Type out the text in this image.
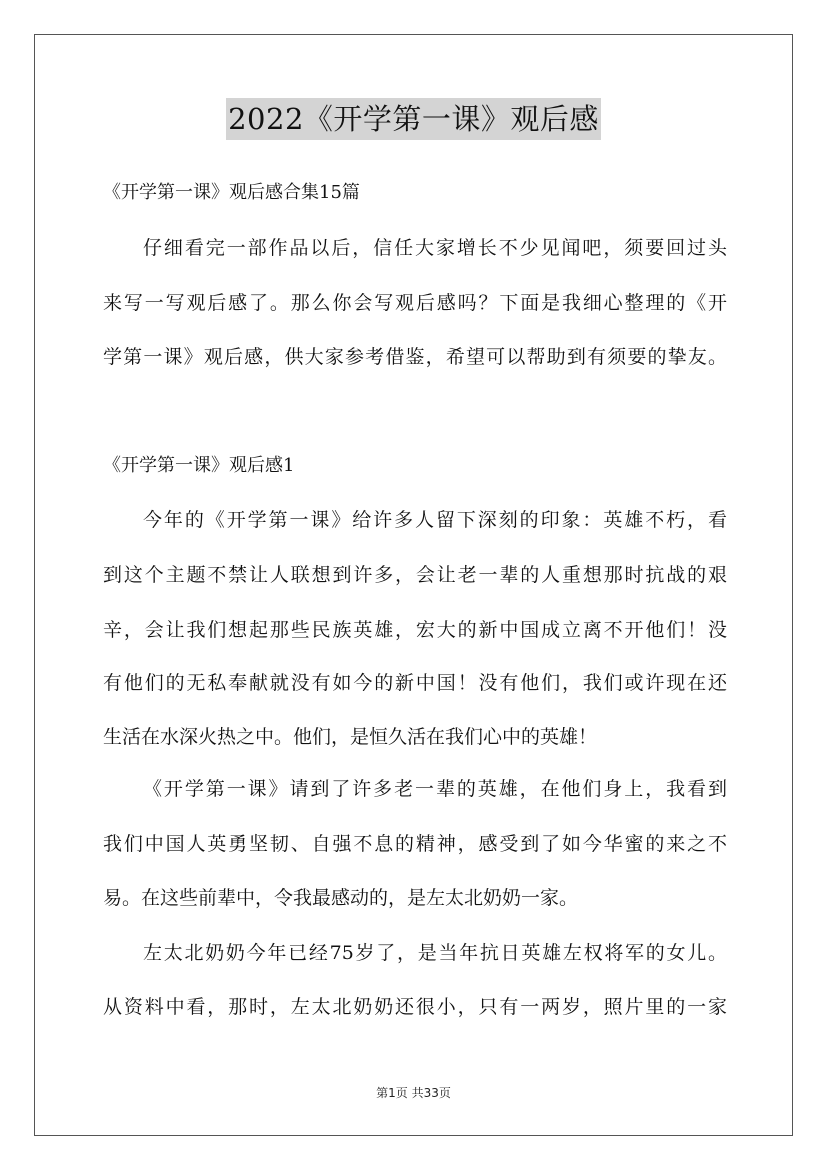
2022《开学第一课》观后感
《开学第一课》观后感合集15篇
仔细看完一部作品以后，信任大家增长不少见闻吧，须要回过头
来写一写观后感了。那么你会写观后感吗？下面是我细心整理的《开
学第一课》观后感，供大家参考借鉴，希望可以帮助到有须要的挚友。
《开学第一课》观后感1
今年的《开学第一课》给许多人留下深刻的印象：英雄不朽，看
到这个主题不禁让人联想到许多，会让老一辈的人重想那时抗战的艰
辛，会让我们想起那些民族英雄，宏大的新中国成立离不开他们！没
有他们的无私奉献就没有如今的新中国！没有他们，我们或许现在还
生活在水深火热之中。他们，是恒久活在我们心中的英雄！
《开学第一课》请到了许多老一辈的英雄，在他们身上，我看到
我们中国人英勇坚韧、自强不息的精神，感受到了如今华蜜的来之不
易。在这些前辈中，令我最感动的，是左太北奶奶一家。
左太北奶奶今年已经75岁了，是当年抗日英雄左权将军的女儿。
从资料中看，那时，左太北奶奶还很小，只有一两岁，照片里的一家
第1页 共33页
